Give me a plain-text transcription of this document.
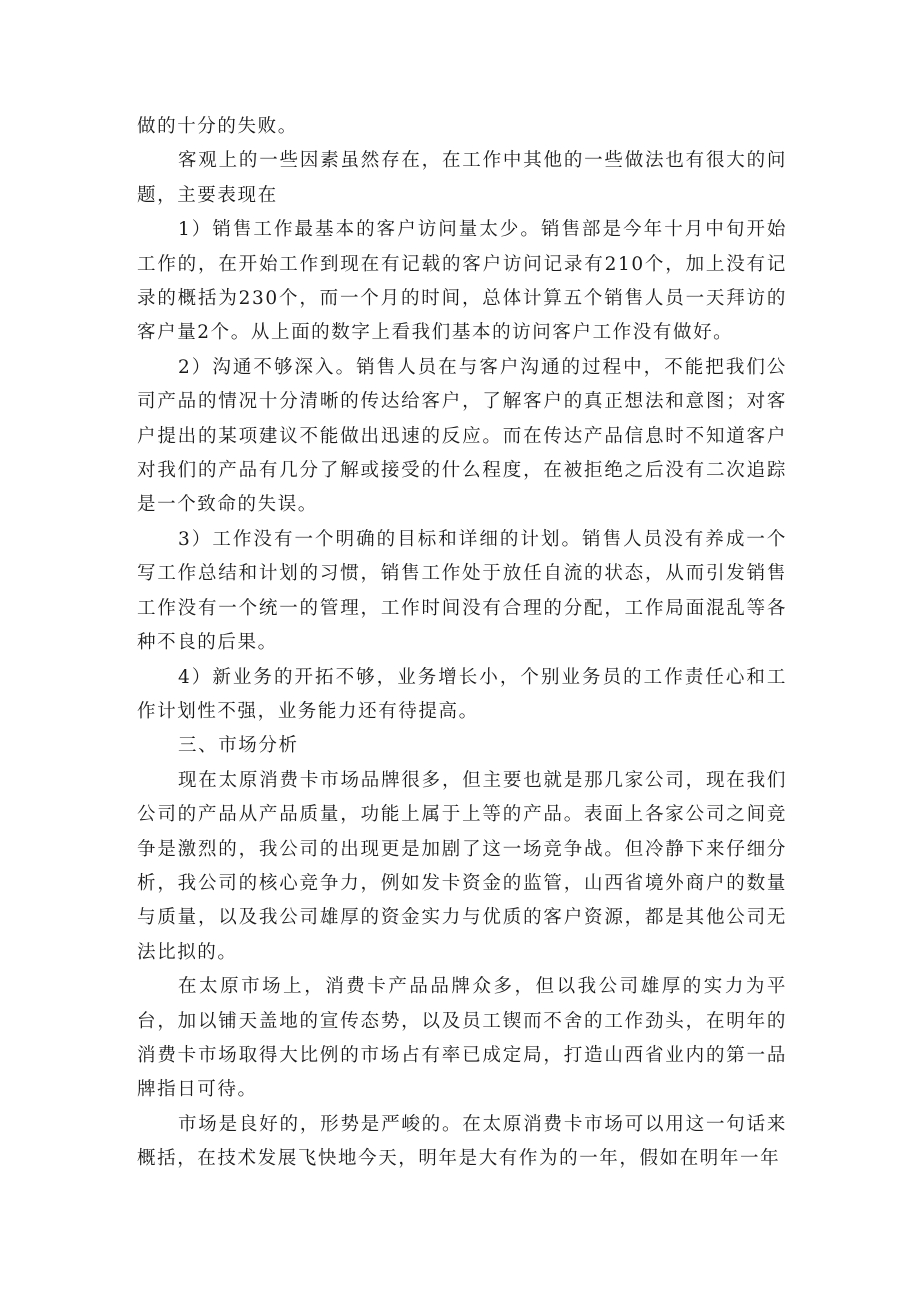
做的十分的失败。

客观上的一些因素虽然存在，在工作中其他的一些做法也有很大的问题，主要表现在

1）销售工作最基本的客户访问量太少。销售部是今年十月中旬开始工作的，在开始工作到现在有记载的客户访问记录有210个，加上没有记录的概括为230个，而一个月的时间，总体计算五个销售人员一天拜访的客户量2个。从上面的数字上看我们基本的访问客户工作没有做好。

2）沟通不够深入。销售人员在与客户沟通的过程中，不能把我们公司产品的情况十分清晰的传达给客户，了解客户的真正想法和意图；对客户提出的某项建议不能做出迅速的反应。而在传达产品信息时不知道客户对我们的产品有几分了解或接受的什么程度，在被拒绝之后没有二次追踪是一个致命的失误。

3）工作没有一个明确的目标和详细的计划。销售人员没有养成一个写工作总结和计划的习惯，销售工作处于放任自流的状态，从而引发销售工作没有一个统一的管理，工作时间没有合理的分配，工作局面混乱等各种不良的后果。

4）新业务的开拓不够，业务增长小，个别业务员的工作责任心和工作计划性不强，业务能力还有待提高。

三、市场分析

现在太原消费卡市场品牌很多，但主要也就是那几家公司，现在我们公司的产品从产品质量，功能上属于上等的产品。表面上各家公司之间竞争是激烈的，我公司的出现更是加剧了这一场竞争战。但冷静下来仔细分析，我公司的核心竞争力，例如发卡资金的监管，山西省境外商户的数量与质量，以及我公司雄厚的资金实力与优质的客户资源，都是其他公司无法比拟的。

在太原市场上，消费卡产品品牌众多，但以我公司雄厚的实力为平台，加以铺天盖地的宣传态势，以及员工锲而不舍的工作劲头，在明年的消费卡市场取得大比例的市场占有率已成定局，打造山西省业内的第一品牌指日可待。

市场是良好的，形势是严峻的。在太原消费卡市场可以用这一句话来概括，在技术发展飞快地今天，明年是大有作为的一年，假如在明年一年
